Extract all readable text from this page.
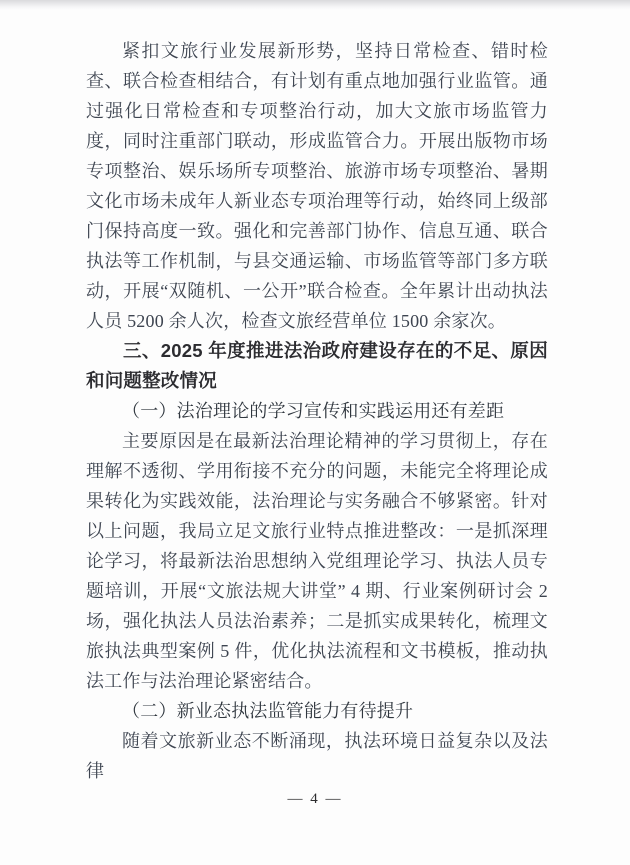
紧扣文旅行业发展新形势，坚持日常检查、错时检查、联合检查相结合，有计划有重点地加强行业监管。通过强化日常检查和专项整治行动，加大文旅市场监管力度，同时注重部门联动，形成监管合力。开展出版物市场专项整治、娱乐场所专项整治、旅游市场专项整治、暑期文化市场未成年人新业态专项治理等行动，始终同上级部门保持高度一致。强化和完善部门协作、信息互通、联合执法等工作机制，与县交通运输、市场监管等部门多方联动，开展“双随机、一公开”联合检查。全年累计出动执法人员 5200 余人次，检查文旅经营单位 1500 余家次。

三、2025 年度推进法治政府建设存在的不足、原因和问题整改情况

（一）法治理论的学习宣传和实践运用还有差距

主要原因是在最新法治理论精神的学习贯彻上，存在理解不透彻、学用衔接不充分的问题，未能完全将理论成果转化为实践效能，法治理论与实务融合不够紧密。针对以上问题，我局立足文旅行业特点推进整改：一是抓深理论学习，将最新法治思想纳入党组理论学习、执法人员专题培训，开展“文旅法规大讲堂” 4 期、行业案例研讨会 2 场，强化执法人员法治素养；二是抓实成果转化，梳理文旅执法典型案例 5 件，优化执法流程和文书模板，推动执法工作与法治理论紧密结合。

（二）新业态执法监管能力有待提升

随着文旅新业态不断涌现，执法环境日益复杂以及法律

— 4 —
